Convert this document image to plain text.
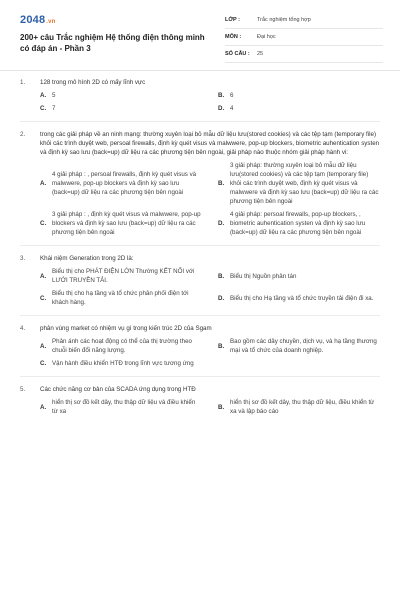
2048.vn
200+ câu Trắc nghiệm Hệ thống điện thông minh có đáp án - Phần 3
LỚP :	Trắc nghiệm tổng hợp
MÔN :	Đại học
SỐ CÂU :	25
1.	128 trong mô hình 2D có mấy lĩnh vực
A. 5	B. 6
C. 7	D. 4
2.	trong các giải pháp về an ninh mạng: thường xuyên loại bỏ mẫu dữ liệu lưu(stored cookies) và các tệp tạm (temporary file) khỏi các trình duyệt web, persoal firewalls, định kỳ quét visus và malwwere, pop-up blockers, biometric auhentication systen và định kỳ sao lưu (back=up) dữ liệu ra các phương tiện bên ngoài, giải pháp nào thuộc nhóm giải pháp hành vi:
A.
4 giải pháp : , persoal firewalls, định kỳ quét visus và malwwere, pop-up blockers và định kỳ sao lưu (back=up) dữ liệu ra các phương tiện bên ngoài
B.
3 giải pháp: thường xuyên loại bỏ mẫu dữ liệu lưu(stored cookies) và các tệp tạm (temporary file) khỏi các trình duyệt web, định kỳ quét visus và malwwere và định kỳ sao lưu (back=up) dữ liệu ra các phương tiện bên ngoài
C.
3 giải pháp : , định kỳ quét visus và malwwere, pop-up blockers và định kỳ sao lưu (back=up) dữ liệu ra các phương tiện bên ngoài
D.
4 giải pháp: persoal firewalls, pop-up blockers, , biometric auhentication systen và định kỳ sao lưu (back=up) dữ liệu ra các phương tiện bên ngoài
3.	Khái niệm Generation trong 2D là:
A.
Biểu thị cho PHÁT ĐIỆN LỚN Thường KẾT NỐI với LƯỚI TRUYỀN TẢI.
B. Biểu thị Nguồn phân tán
C.
Biểu thị cho hạ tầng và tổ chức phân phối điện tới khách hàng.
D. Biểu thị cho Hạ tầng và tổ chức truyền tải điện đi xa.
4.	phân vùng market có nhiệm vụ gì trong kiến trúc 2D của Sgam
A.
Phản ánh các hoạt động có thể của thị trường theo chuỗi biến đổi năng lượng.
B.
Bao gồm các dây chuyền, dịch vụ, và hạ tầng thương mại và tổ chức của doanh nghiệp.
C. Vận hành điều khiển HTĐ trong lĩnh vực tương ứng
5.	Các chức năng cơ bản của SCADA ứng dụng trong HTĐ
A.
hiển thị sơ đồ kết dây, thu thập dữ liệu và điều khiển từ xa
B.
hiển thị sơ đồ kết dây, thu thập dữ liệu, điều khiển từ xa và lập báo cáo
